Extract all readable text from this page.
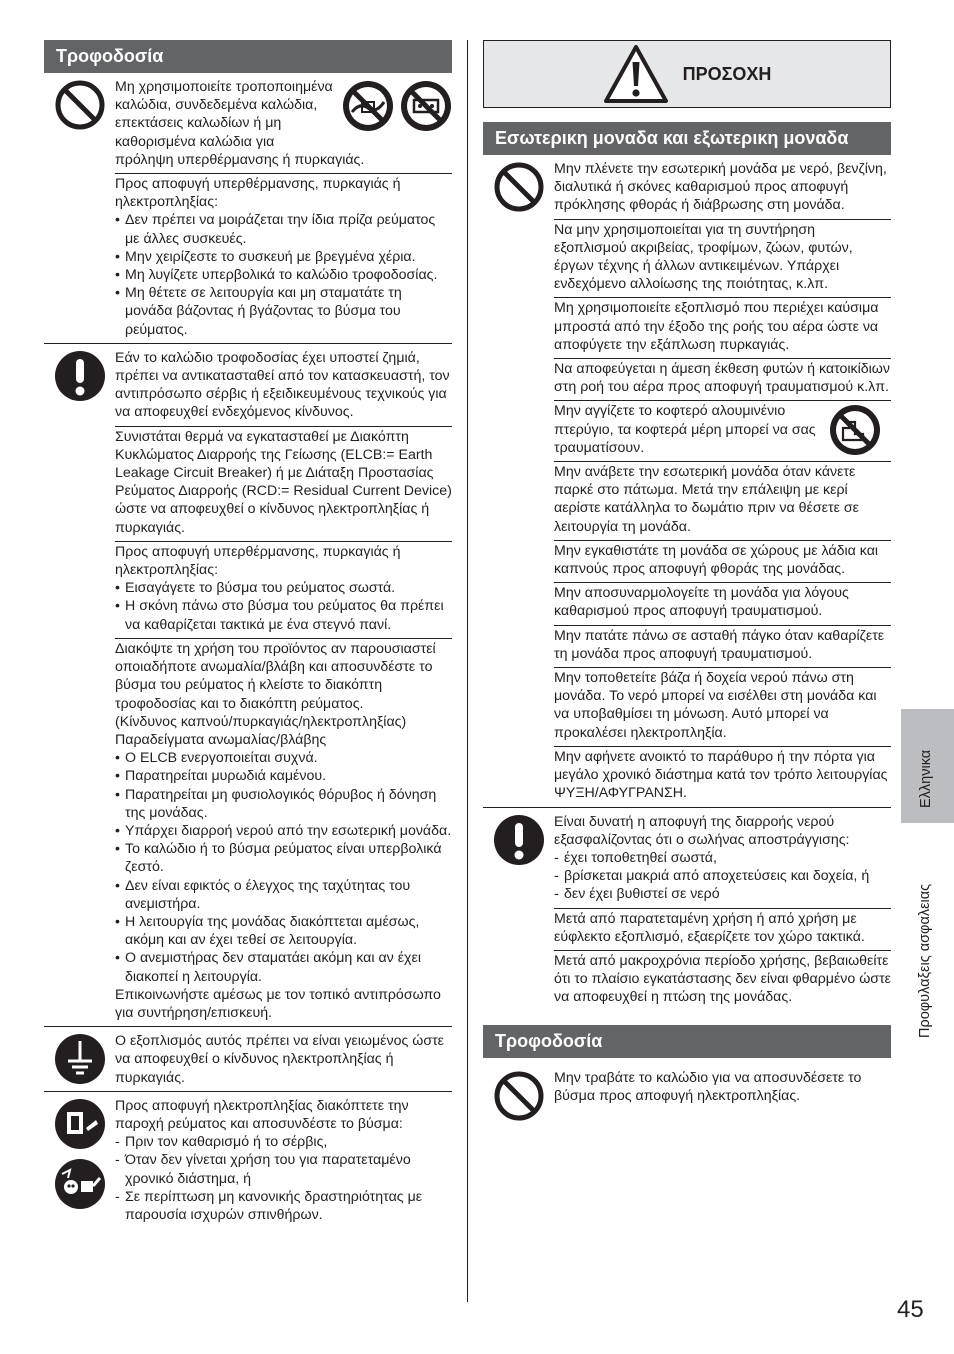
Τροφοδοσία

Μη χρησιμοποιείτε τροποποιημένα καλώδια, συνδεδεμένα καλώδια, επεκτάσεις καλωδίων ή μη καθορισμένα καλώδια για πρόληψη υπερθέρμανσης ή πυρκαγιάς.

Προς αποφυγή υπερθέρμανσης, πυρκαγιάς ή ηλεκτροπληξίας:

• Δεν πρέπει να μοιράζεται την ίδια πρίζα ρεύματος με άλλες συσκευές.
• Μην χειρίζεστε το συσκευή με βρεγμένα χέρια.
• Μη λυγίζετε υπερβολικά το καλώδιο τροφοδοσίας.
• Μη θέτετε σε λειτουργία και μη σταματάτε τη μονάδα βάζοντας ή βγάζοντας το βύσμα του ρεύματος.

Εάν το καλώδιο τροφοδοσίας έχει υποστεί ζημιά, πρέπει να αντικατασταθεί από τον κατασκευαστή, τον αντιπρόσωπο σέρβις ή εξειδικευμένους τεχνικούς για να αποφευχθεί ενδεχόμενος κίνδυνος.

Συνιστάται θερμά να εγκατασταθεί με Διακόπτη Κυκλώματος Διαρροής της Γείωσης (ELCB:= Earth Leakage Circuit Breaker) ή με Διάταξη Προστασίας Ρεύματος Διαρροής (RCD:= Residual Current Device) ώστε να αποφευχθεί ο κίνδυνος ηλεκτροπληξίας ή πυρκαγιάς.

Προς αποφυγή υπερθέρμανσης, πυρκαγιάς ή ηλεκτροπληξίας:

• Εισαγάγετε το βύσμα του ρεύματος σωστά.
• Η σκόνη πάνω στο βύσμα του ρεύματος θα πρέπει να καθαρίζεται τακτικά με ένα στεγνό πανί.

Διακόψτε τη χρήση του προϊόντος αν παρουσιαστεί οποιαδήποτε ανωμαλία/βλάβη και αποσυνδέστε το βύσμα του ρεύματος ή κλείστε το διακόπτη τροφοδοσίας και το διακόπτη ρεύματος.

(Κίνδυνος καπνού/πυρκαγιάς/ηλεκτροπληξίας)

Παραδείγματα ανωμαλίας/βλάβης

• Ο ELCB ενεργοποιείται συχνά.
• Παρατηρείται μυρωδιά καμένου.
• Παρατηρείται μη φυσιολογικός θόρυβος ή δόνηση της μονάδας.
• Υπάρχει διαρροή νερού από την εσωτερική μονάδα.
• Το καλώδιο ή το βύσμα ρεύματος είναι υπερβολικά ζεστό.
• Δεν είναι εφικτός ο έλεγχος της ταχύτητας του ανεμιστήρα.
• Η λειτουργία της μονάδας διακόπτεται αμέσως, ακόμη και αν έχει τεθεί σε λειτουργία.
• Ο ανεμιστήρας δεν σταματάει ακόμη και αν έχει διακοπεί η λειτουργία.

Επικοινωνήστε αμέσως με τον τοπικό αντιπρόσωπο για συντήρηση/επισκευή.

Ο εξοπλισμός αυτός πρέπει να είναι γειωμένος ώστε να αποφευχθεί ο κίνδυνος ηλεκτροπληξίας ή πυρκαγιάς.

Προς αποφυγή ηλεκτροπληξίας διακόπτετε την παροχή ρεύματος και αποσυνδέστε το βύσμα:

- Πριν τον καθαρισμό ή το σέρβις,
- Όταν δεν γίνεται χρήση του για παρατεταμένο χρονικό διάστημα, ή
- Σε περίπτωση μη κανονικής δραστηριότητας με παρουσία ισχυρών σπινθήρων.
ΠΡΟΣΟΧΗ
Εσωτερικη μοναδα και εξωτερικη μοναδα

Μην πλένετε την εσωτερική μονάδα με νερό, βενζίνη, διαλυτικά ή σκόνες καθαρισμού προς αποφυγή πρόκλησης φθοράς ή διάβρωσης στη μονάδα.

Να μην χρησιμοποιείται για τη συντήρηση εξοπλισμού ακριβείας, τροφίμων, ζώων, φυτών, έργων τέχνης ή άλλων αντικειμένων. Υπάρχει ενδεχόμενο αλλοίωσης της ποιότητας, κ.λπ.

Μη χρησιμοποιείτε εξοπλισμό που περιέχει καύσιμα μπροστά από την έξοδο της ροής του αέρα ώστε να αποφύγετε την εξάπλωση πυρκαγιάς.

Να αποφεύγεται η άμεση έκθεση φυτών ή κατοικίδιων στη ροή του αέρα προς αποφυγή τραυματισμού κ.λπ.

Μην αγγίζετε το κοφτερό αλουμινένιο πτερύγιο, τα κοφτερά μέρη μπορεί να σας τραυματίσουν.

Μην ανάβετε την εσωτερική μονάδα όταν κάνετε παρκέ στο πάτωμα. Μετά την επάλειψη με κερί αερίστε κατάλληλα το δωμάτιο πριν να θέσετε σε λειτουργία τη μονάδα.

Μην εγκαθιστάτε τη μονάδα σε χώρους με λάδια και καπνούς προς αποφυγή φθοράς της μονάδας.

Μην αποσυναρμολογείτε τη μονάδα για λόγους καθαρισμού προς αποφυγή τραυματισμού.

Μην πατάτε πάνω σε ασταθή πάγκο όταν καθαρίζετε τη μονάδα προς αποφυγή τραυματισμού.

Μην τοποθετείτε βάζα ή δοχεία νερού πάνω στη μονάδα. Το νερό μπορεί να εισέλθει στη μονάδα και να υποβαθμίσει τη μόνωση. Αυτό μπορεί να προκαλέσει ηλεκτροπληξία.

Μην αφήνετε ανοικτό το παράθυρο ή την πόρτα για μεγάλο χρονικό διάστημα κατά τον τρόπο λειτουργίας ΨΥΞΗ/ΑΦΥΓΡΑΝΣΗ.

Είναι δυνατή η αποφυγή της διαρροής νερού εξασφαλίζοντας ότι ο σωλήνας αποστράγγισης:

- έχει τοποθετηθεί σωστά,
- βρίσκεται μακριά από αποχετεύσεις και δοχεία, ή
- δεν έχει βυθιστεί σε νερό

Μετά από παρατεταμένη χρήση ή από χρήση με εύφλεκτο εξοπλισμό, εξαερίζετε τον χώρο τακτικά.

Μετά από μακροχρόνια περίοδο χρήσης, βεβαιωθείτε ότι το πλαίσιο εγκατάστασης δεν είναι φθαρμένο ώστε να αποφευχθεί η πτώση της μονάδας.

Τροφοδοσία

Μην τραβάτε το καλώδιο για να αποσυνδέσετε το βύσμα προς αποφυγή ηλεκτροπληξίας.

Ελληνικα
Προφυλαξεις ασφαλειας
45
